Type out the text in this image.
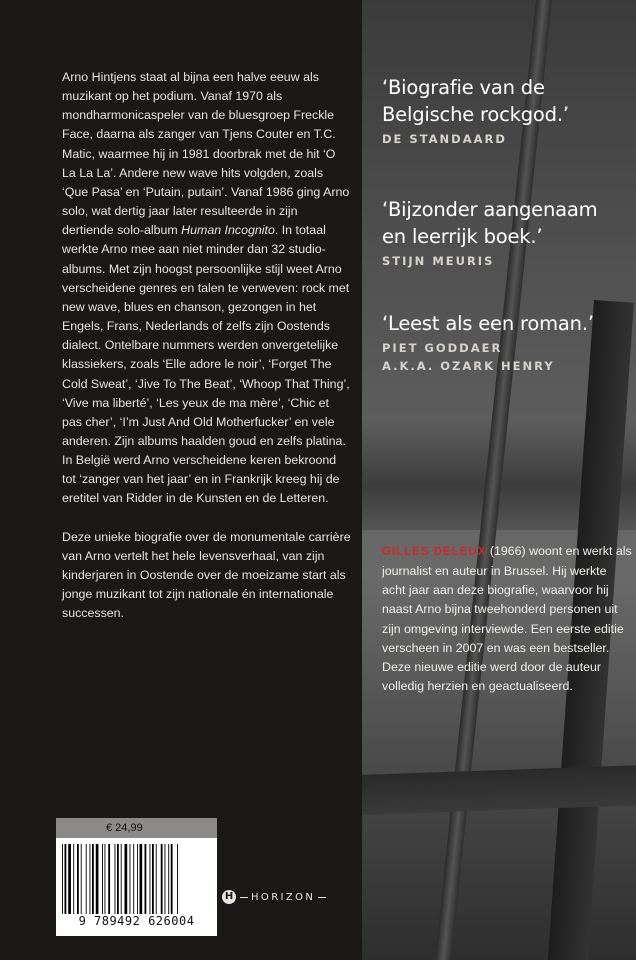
Arno Hintjens staat al bijna een halve eeuw als muzikant op het podium. Vanaf 1970 als mondharmonicaspeler van de bluesgroep Freckle Face, daarna als zanger van Tjens Couter en T.C. Matic, waarmee hij in 1981 doorbrak met de hit ‘O La La La’. Andere new wave hits volgden, zoals ‘Que Pasa’ en ‘Putain, putain’. Vanaf 1986 ging Arno solo, wat dertig jaar later resulteerde in zijn dertiende solo-album Human Incognito. In totaal werkte Arno mee aan niet minder dan 32 studio-albums. Met zijn hoogst persoonlijke stijl weet Arno verscheidene genres en talen te verweven: rock met new wave, blues en chanson, gezongen in het Engels, Frans, Nederlands of zelfs zijn Oostends dialect. Ontelbare nummers werden onvergetelijke klassiekers, zoals ‘Elle adore le noir’, ‘Forget The Cold Sweat’, ‘Jive To The Beat’, ‘Whoop That Thing’, ‘Vive ma liberté’, ‘Les yeux de ma mère’, ‘Chic et pas cher’, ‘I’m Just And Old Motherfucker’ en vele anderen. Zijn albums haalden goud en zelfs platina. In België werd Arno verscheidene keren bekroond tot ‘zanger van het jaar’ en in Frankrijk kreeg hij de eretitel van Ridder in de Kunsten en de Letteren.

Deze unieke biografie over de monumentale carrière van Arno vertelt het hele levensverhaal, van zijn kinderjaren in Oostende over de moeizame start als jonge muzikant tot zijn nationale én internationale successen.

‘Biografie van de
Belgische rockgod.’
DE STANDAARD
‘Bijzonder aangenaam
en leerrijk boek.’
STIJN MEURIS
‘Leest als een roman.’
PIET GODDAER
A.K.A. OZARK HENRY
GILLES DELEUX (1966) woont en werkt als journalist en auteur in Brussel. Hij werkte acht jaar aan deze biografie, waarvoor hij naast Arno bijna tweehonderd personen uit zijn omgeving interviewde. Een eerste editie verscheen in 2007 en was een bestseller. Deze nieuwe editie werd door de auteur volledig herzien en geactualiseerd.
€ 24,99
9 789492 626004
H HORIZON
